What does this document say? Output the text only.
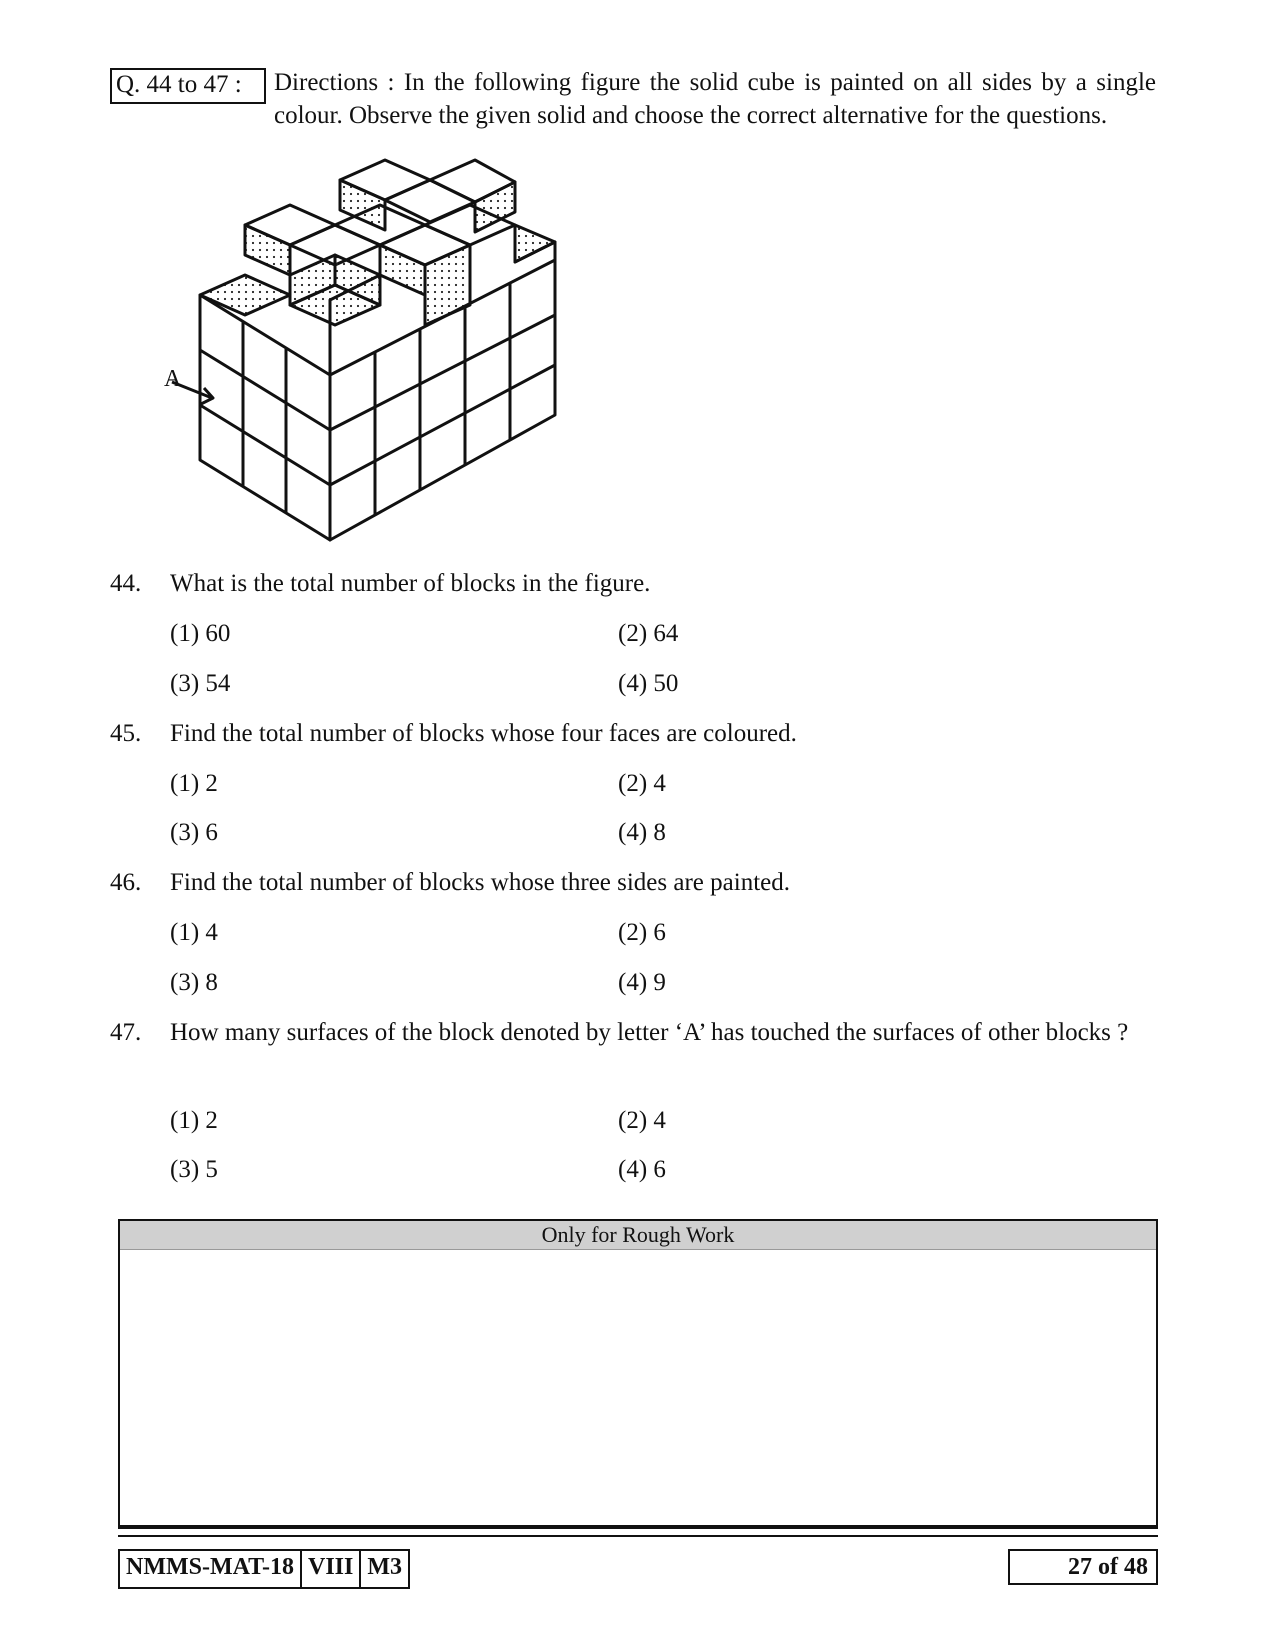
Q. 44 to 47 :	Directions : In the following figure the solid cube is painted on all sides by a single colour. Observe the given solid and choose the correct alternative for the questions.
A
44. What is the total number of blocks in the figure.
(1) 60	(2) 64
(3) 54	(4) 50
45. Find the total number of blocks whose four faces are coloured.
(1) 2	(2) 4
(3) 6	(4) 8
46. Find the total number of blocks whose three sides are painted.
(1) 4	(2) 6
(3) 8	(4) 9
47. How many surfaces of the block denoted by letter ‘A’ has touched the surfaces of other blocks ?
(1) 2	(2) 4
(3) 5	(4) 6
Only for Rough Work
NMMS-MAT-18 VIII M3	27 of 48
